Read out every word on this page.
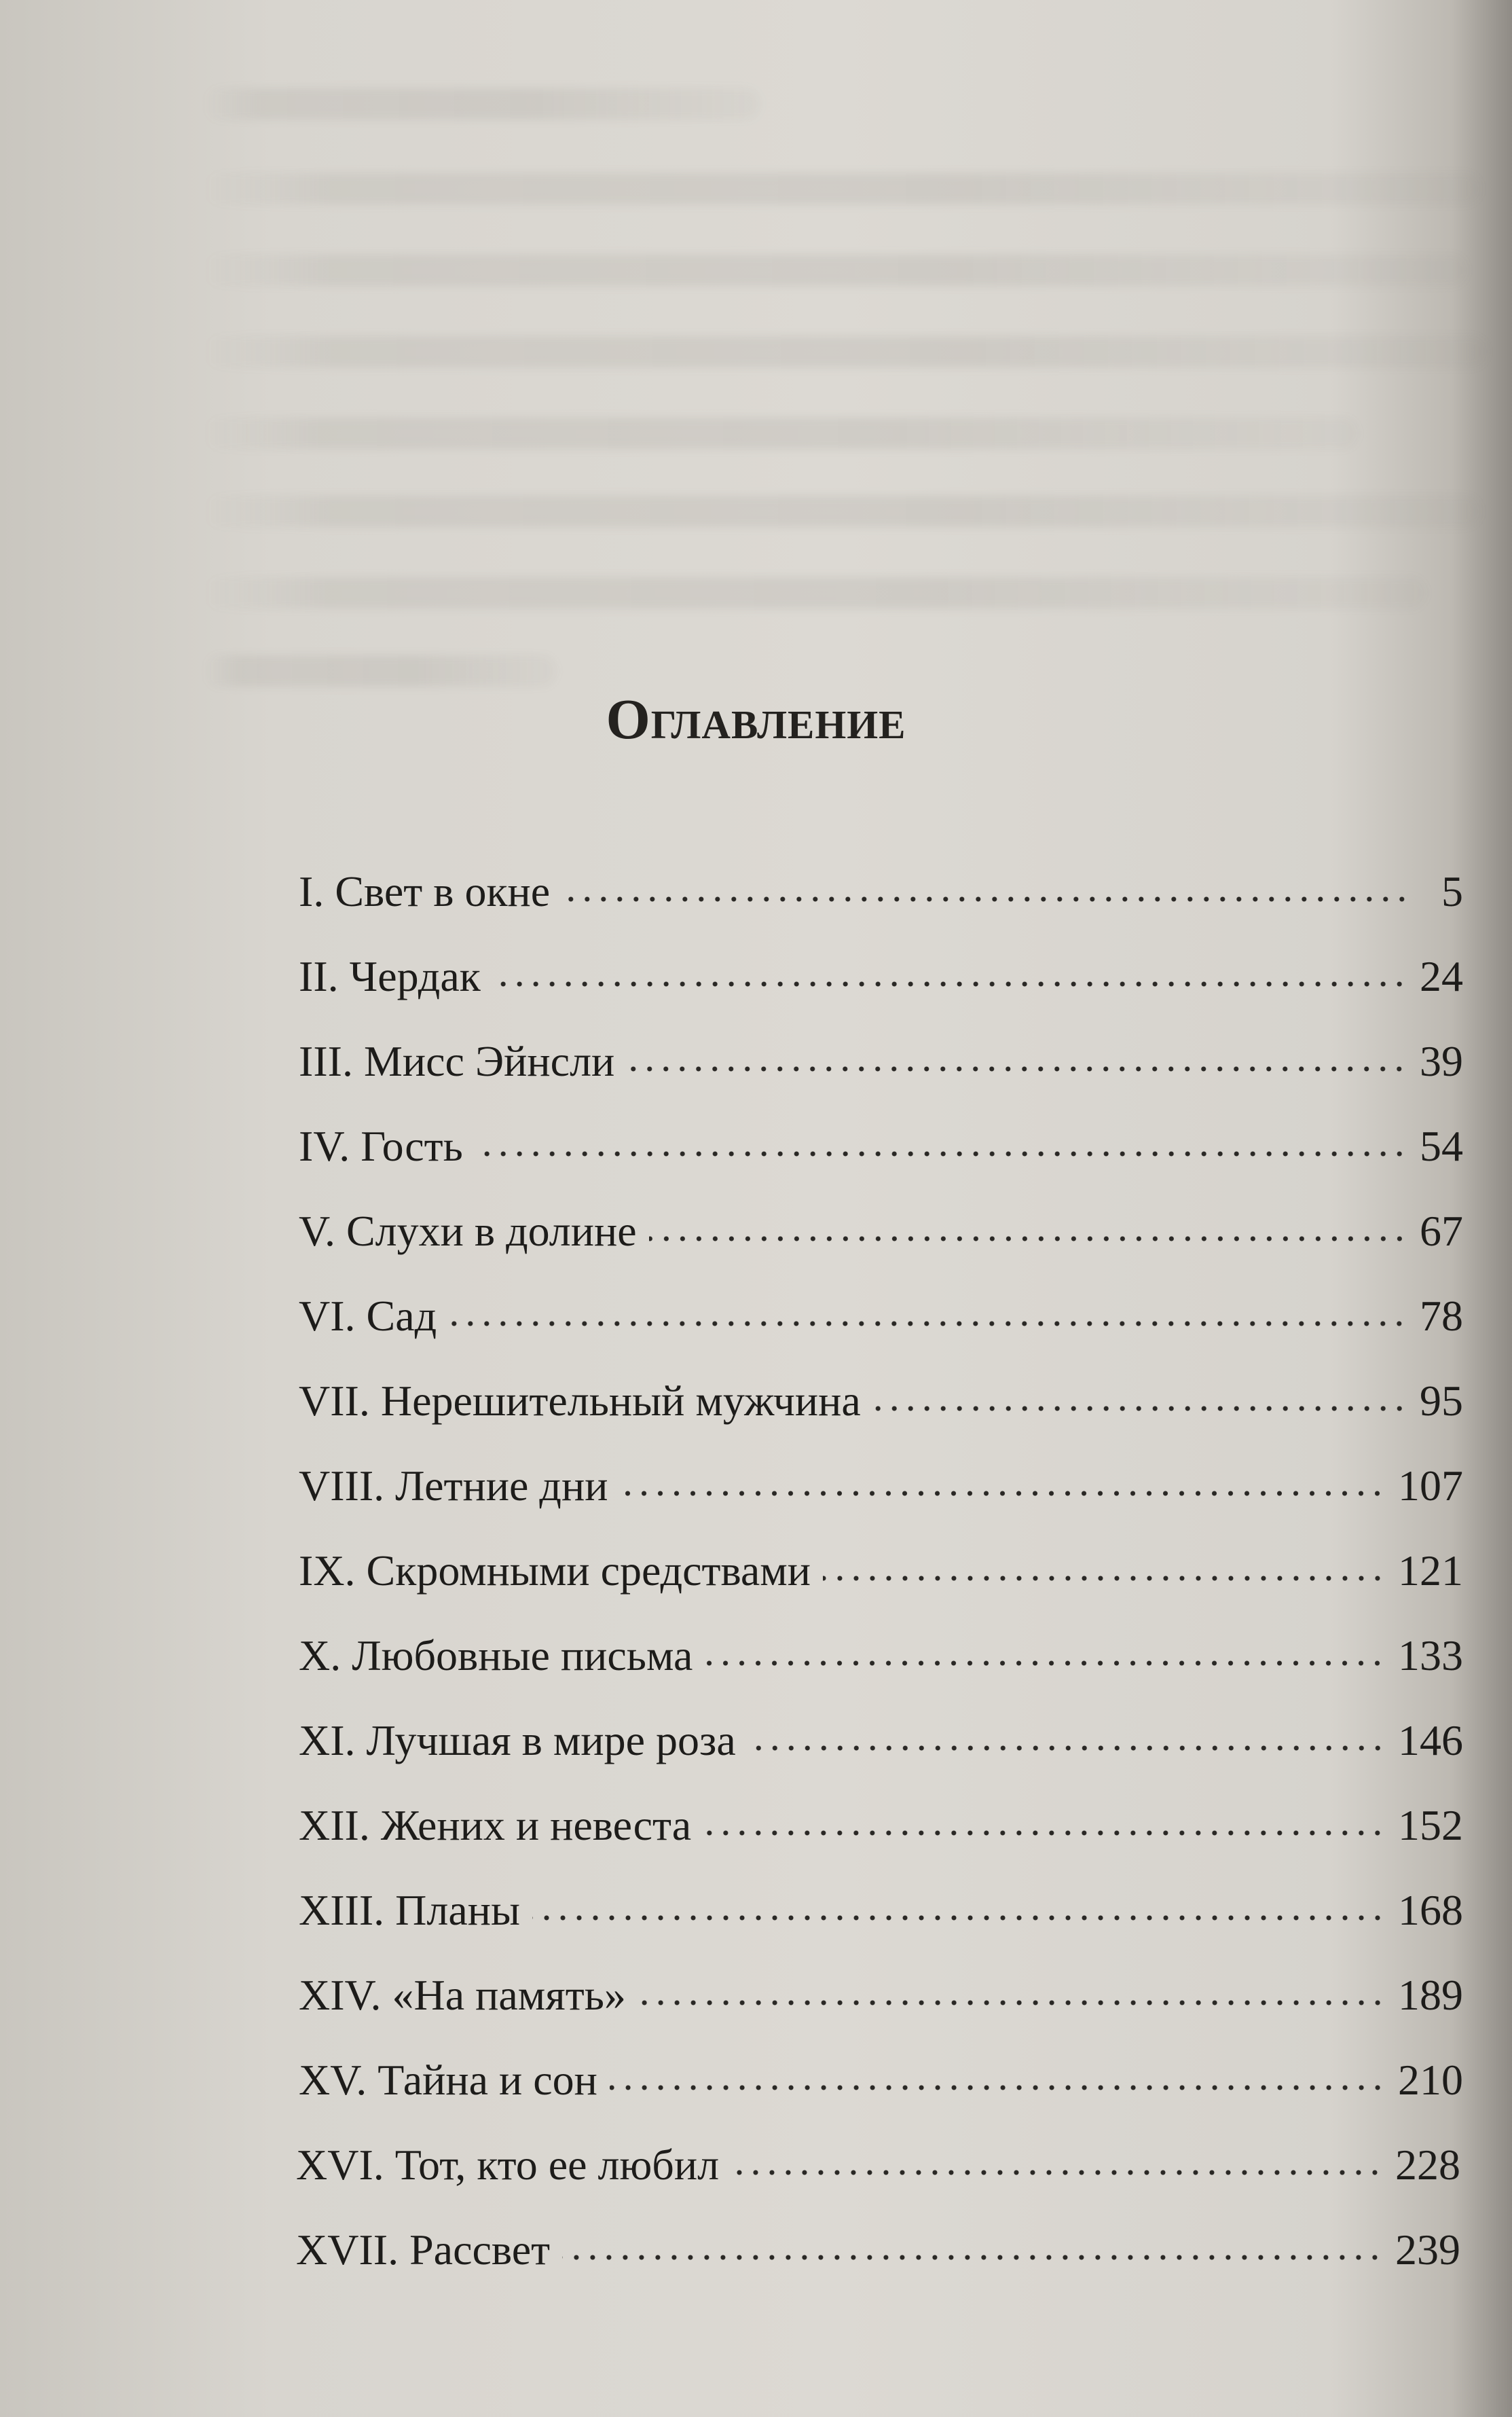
Оглавление
I. Свет в окне	5
II. Чердак	24
III. Мисс Эйнсли	39
IV. Гость	54
V. Слухи в долине	67
VI. Сад	78
VII. Нерешительный мужчина	95
VIII. Летние дни	107
IX. Скромными средствами	121
X. Любовные письма	133
XI. Лучшая в мире роза	146
XII. Жених и невеста	152
XIII. Планы	168
XIV. «На память»	189
XV. Тайна и сон	210
XVI. Тот, кто ее любил	228
XVII. Рассвет	239
